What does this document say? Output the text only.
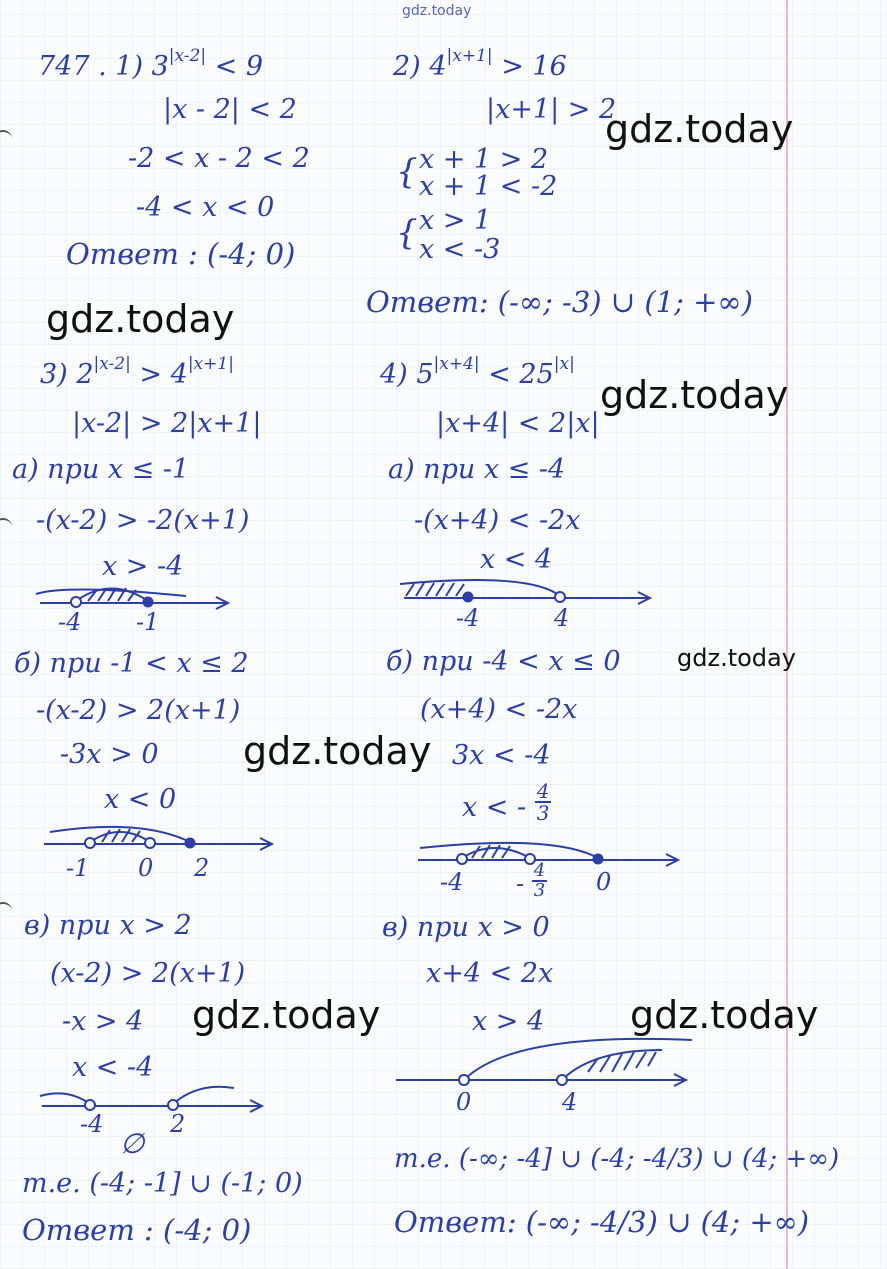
gdz.today
gdz.today
gdz.today
gdz.today
gdz.today
gdz.today
gdz.today	gdz.today
747 . 1) $3^{|x-2|} < 9$
|x - 2| < 2
-2 < x - 2 < 2
-4 < x < 0
Ответ : (-4; 0)
2) $4^{|x+1|} > 16$
|x+1| > 2
{ x + 1 > 2
x + 1 < -2
{ x > 1
x < -3
Ответ: (-∞; -3) ∪ (1; +∞)
3) $2^{|x-2|} > 4^{|x+1|}$
|x-2| > 2|x+1|
a) при x ≤ -1
-(x-2) > -2(x+1)
x > -4
-4 -1
б) при -1 < x ≤ 2
-(x-2) > 2(x+1)
-3x > 0
x < 0
-1 0 2
в) при x > 2
(x-2) > 2(x+1)
-x > 4
x < -4
-4	2
∅
т.е. (-4; -1] ∪ (-1; 0)
Ответ : (-4; 0)
4) $5^{|x+4|} < 25^{|x|}$
|x+4| < 2|x|
a) при x ≤ -4
-(x+4) < -2x
x < 4
-4	4
б) при -4 < x ≤ 0
(x+4) < -2x
3x < -4
x < - $\frac{4}{3}$
$-4 - \frac{4}{3} 0$
в) при x > 0
x+4 < 2x
x > 4
0	4
т.е. (-∞; -4] ∪ (-4; -4/3) ∪ (4; +∞)
Ответ: (-∞; -4/3) ∪ (4; +∞)
